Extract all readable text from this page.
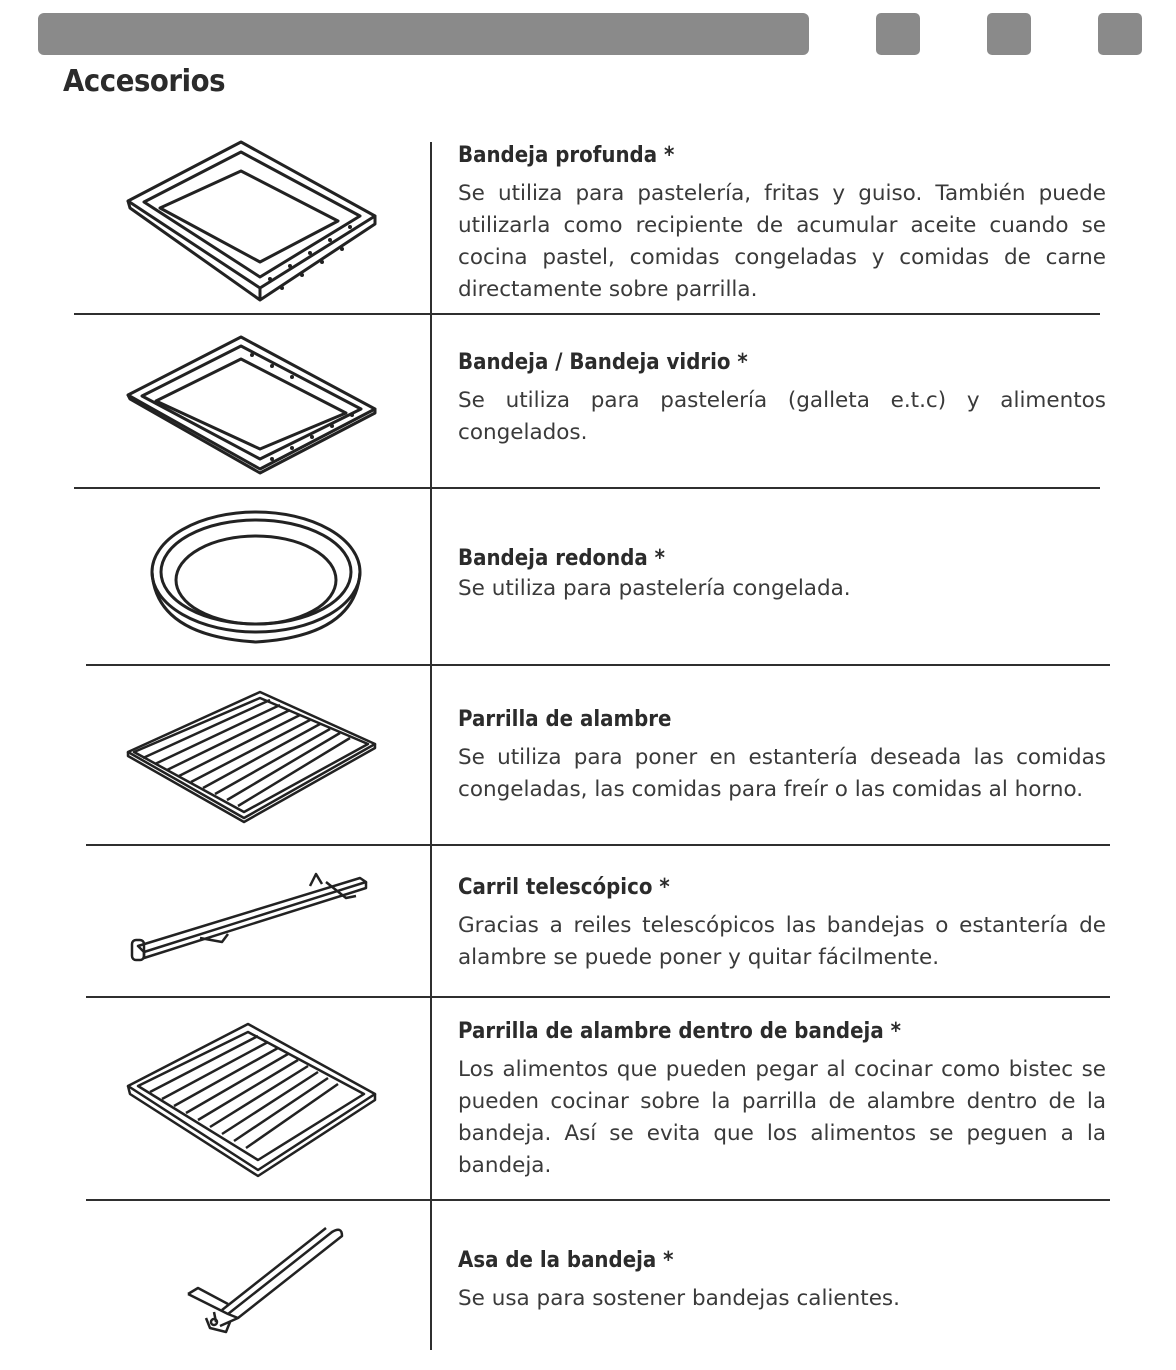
Accesorios

Bandeja profunda *

Se utiliza para pastelería, fritas y guiso. También puede utilizarla como recipiente de acumular aceite cuando se cocina pastel, comidas congeladas y comidas de carne directamente sobre parrilla.

Bandeja / Bandeja vidrio *

Se utiliza para pastelería (galleta e.t.c) y alimentos congelados.

Bandeja redonda *

Se utiliza para pastelería congelada.

Parrilla de alambre

Se utiliza para poner en estantería deseada las comidas congeladas, las comidas para freír o las comidas al horno.

Carril telescópico *

Gracias a reiles telescópicos las bandejas o estantería de alambre se puede poner y quitar fácilmente.

Parrilla de alambre dentro de bandeja *

Los alimentos que pueden pegar al cocinar como bistec se pueden cocinar sobre la parrilla de alambre dentro de la bandeja. Así se evita que los alimentos se peguen a la bandeja.

Asa de la bandeja *

Se usa para sostener bandejas calientes.
